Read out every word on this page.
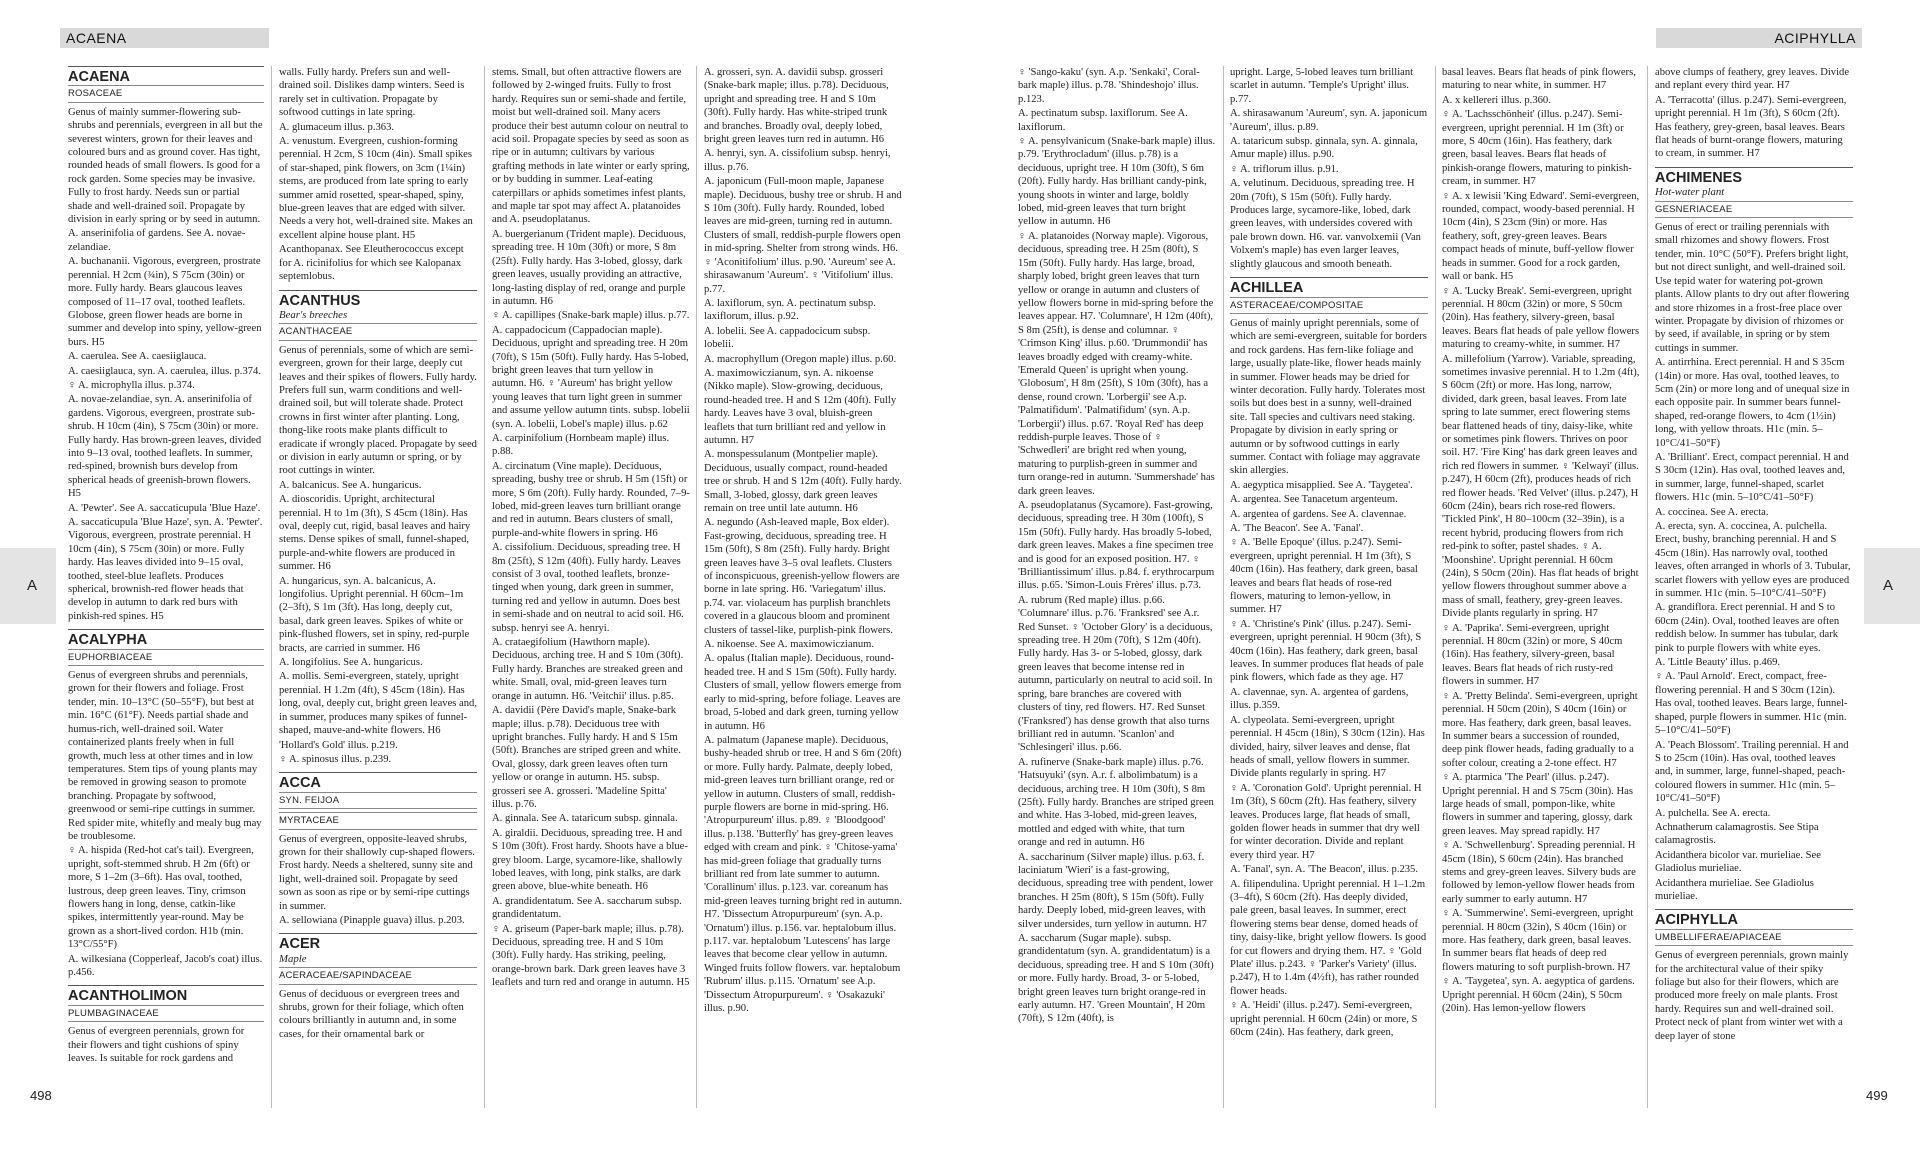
ACAENA	ACIPHYLLA
A	A
498	499
ACAENA
ROSACEAE

Genus of mainly summer-flowering sub-shrubs and perennials, evergreen in all but the severest winters, grown for their leaves and coloured burs and as ground cover. Has tight, rounded heads of small flowers. Is good for a rock garden. Some species may be invasive. Fully to frost hardy. Needs sun or partial shade and well-drained soil. Propagate by division in early spring or by seed in autumn.

A. anserinifolia of gardens. See A. novae-zelandiae.

A. buchananii. Vigorous, evergreen, prostrate perennial. H 2cm (¾in), S 75cm (30in) or more. Fully hardy. Bears glaucous leaves composed of 11–17 oval, toothed leaflets. Globose, green flower heads are borne in summer and develop into spiny, yellow-green burs. H5

A. caerulea. See A. caesiiglauca.

A. caesiiglauca, syn. A. caerulea, illus. p.374.

♀ A. microphylla illus. p.374.

A. novae-zelandiae, syn. A. anserinifolia of gardens. Vigorous, evergreen, prostrate sub-shrub. H 10cm (4in), S 75cm (30in) or more. Fully hardy. Has brown-green leaves, divided into 9–13 oval, toothed leaflets. In summer, red-spined, brownish burs develop from spherical heads of greenish-brown flowers. H5

A. 'Pewter'. See A. saccaticupula 'Blue Haze'.

A. saccaticupula 'Blue Haze', syn. A. 'Pewter'. Vigorous, evergreen, prostrate perennial. H 10cm (4in), S 75cm (30in) or more. Fully hardy. Has leaves divided into 9–15 oval, toothed, steel-blue leaflets. Produces spherical, brownish-red flower heads that develop in autumn to dark red burs with pinkish-red spines. H5

ACALYPHA
EUPHORBIACEAE

Genus of evergreen shrubs and perennials, grown for their flowers and foliage. Frost tender, min. 10–13°C (50–55°F), but best at min. 16°C (61°F). Needs partial shade and humus-rich, well-drained soil. Water containerized plants freely when in full growth, much less at other times and in low temperatures. Stem tips of young plants may be removed in growing season to promote branching. Propagate by softwood, greenwood or semi-ripe cuttings in summer. Red spider mite, whitefly and mealy bug may be troublesome.

♀ A. hispida (Red-hot cat's tail). Evergreen, upright, soft-stemmed shrub. H 2m (6ft) or more, S 1–2m (3–6ft). Has oval, toothed, lustrous, deep green leaves. Tiny, crimson flowers hang in long, dense, catkin-like spikes, intermittently year-round. May be grown as a short-lived cordon. H1b (min. 13°C/55°F)

A. wilkesiana (Copperleaf, Jacob's coat) illus. p.456.

ACANTHOLIMON
PLUMBAGINACEAE

Genus of evergreen perennials, grown for their flowers and tight cushions of spiny leaves. Is suitable for rock gardens and

walls. Fully hardy. Prefers sun and well-drained soil. Dislikes damp winters. Seed is rarely set in cultivation. Propagate by softwood cuttings in late spring.

A. glumaceum illus. p.363.

A. venustum. Evergreen, cushion-forming perennial. H 2cm, S 10cm (4in). Small spikes of star-shaped, pink flowers, on 3cm (1¼in) stems, are produced from late spring to early summer amid rosetted, spear-shaped, spiny, blue-green leaves that are edged with silver. Needs a very hot, well-drained site. Makes an excellent alpine house plant. H5

Acanthopanax. See Eleutherococcus except for A. ricinifolius for which see Kalopanax septemlobus.

ACANTHUS
Bear's breeches
ACANTHACEAE

Genus of perennials, some of which are semi-evergreen, grown for their large, deeply cut leaves and their spikes of flowers. Fully hardy. Prefers full sun, warm conditions and well-drained soil, but will tolerate shade. Protect crowns in first winter after planting. Long, thong-like roots make plants difficult to eradicate if wrongly placed. Propagate by seed or division in early autumn or spring, or by root cuttings in winter.

A. balcanicus. See A. hungaricus.

A. dioscoridis. Upright, architectural perennial. H to 1m (3ft), S 45cm (18in). Has oval, deeply cut, rigid, basal leaves and hairy stems. Dense spikes of small, funnel-shaped, purple-and-white flowers are produced in summer. H6

A. hungaricus, syn. A. balcanicus, A. longifolius. Upright perennial. H 60cm–1m (2–3ft), S 1m (3ft). Has long, deeply cut, basal, dark green leaves. Spikes of white or pink-flushed flowers, set in spiny, red-purple bracts, are carried in summer. H6

A. longifolius. See A. hungaricus.

A. mollis. Semi-evergreen, stately, upright perennial. H 1.2m (4ft), S 45cm (18in). Has long, oval, deeply cut, bright green leaves and, in summer, produces many spikes of funnel-shaped, mauve-and-white flowers. H6

'Hollard's Gold' illus. p.219.

♀ A. spinosus illus. p.239.

ACCA
SYN. FEIJOA
MYRTACEAE

Genus of evergreen, opposite-leaved shrubs, grown for their shallowly cup-shaped flowers. Frost hardy. Needs a sheltered, sunny site and light, well-drained soil. Propagate by seed sown as soon as ripe or by semi-ripe cuttings in summer.

A. sellowiana (Pinapple guava) illus. p.203.

ACER
Maple
ACERACEAE/SAPINDACEAE

Genus of deciduous or evergreen trees and shrubs, grown for their foliage, which often colours brilliantly in autumn and, in some cases, for their ornamental bark or

stems. Small, but often attractive flowers are followed by 2-winged fruits. Fully to frost hardy. Requires sun or semi-shade and fertile, moist but well-drained soil. Many acers produce their best autumn colour on neutral to acid soil. Propagate species by seed as soon as ripe or in autumn; cultivars by various grafting methods in late winter or early spring, or by budding in summer. Leaf-eating caterpillars or aphids sometimes infest plants, and maple tar spot may affect A. platanoides and A. pseudoplatanus.

A. buergerianum (Trident maple). Deciduous, spreading tree. H 10m (30ft) or more, S 8m (25ft). Fully hardy. Has 3-lobed, glossy, dark green leaves, usually providing an attractive, long-lasting display of red, orange and purple in autumn. H6

♀ A. capillipes (Snake-bark maple) illus. p.77.

A. cappadocicum (Cappadocian maple). Deciduous, upright and spreading tree. H 20m (70ft), S 15m (50ft). Fully hardy. Has 5-lobed, bright green leaves that turn yellow in autumn. H6. ♀ 'Aureum' has bright yellow young leaves that turn light green in summer and assume yellow autumn tints. subsp. lobelii (syn. A. lobelii, Lobel's maple) illus. p.62

A. carpinifolium (Hornbeam maple) illus. p.88.

A. circinatum (Vine maple). Deciduous, spreading, bushy tree or shrub. H 5m (15ft) or more, S 6m (20ft). Fully hardy. Rounded, 7–9-lobed, mid-green leaves turn brilliant orange and red in autumn. Bears clusters of small, purple-and-white flowers in spring. H6

A. cissifolium. Deciduous, spreading tree. H 8m (25ft), S 12m (40ft). Fully hardy. Leaves consist of 3 oval, toothed leaflets, bronze-tinged when young, dark green in summer, turning red and yellow in autumn. Does best in semi-shade and on neutral to acid soil. H6. subsp. henryi see A. henryi.

A. crataegifolium (Hawthorn maple). Deciduous, arching tree. H and S 10m (30ft). Fully hardy. Branches are streaked green and white. Small, oval, mid-green leaves turn orange in autumn. H6. 'Veitchii' illus. p.85.

A. davidii (Père David's maple, Snake-bark maple; illus. p.78). Deciduous tree with upright branches. Fully hardy. H and S 15m (50ft). Branches are striped green and white. Oval, glossy, dark green leaves often turn yellow or orange in autumn. H5. subsp. grosseri see A. grosseri. 'Madeline Spitta' illus. p.76.

A. ginnala. See A. tataricum subsp. ginnala.

A. giraldii. Deciduous, spreading tree. H and S 10m (30ft). Frost hardy. Shoots have a blue-grey bloom. Large, sycamore-like, shallowly lobed leaves, with long, pink stalks, are dark green above, blue-white beneath. H6

A. grandidentatum. See A. saccharum subsp. grandidentatum.

♀ A. griseum (Paper-bark maple; illus. p.78). Deciduous, spreading tree. H and S 10m (30ft). Fully hardy. Has striking, peeling, orange-brown bark. Dark green leaves have 3 leaflets and turn red and orange in autumn. H5

A. grosseri, syn. A. davidii subsp. grosseri (Snake-bark maple; illus. p.78). Deciduous, upright and spreading tree. H and S 10m (30ft). Fully hardy. Has white-striped trunk and branches. Broadly oval, deeply lobed, bright green leaves turn red in autumn. H6

A. henryi, syn. A. cissifolium subsp. henryi, illus. p.76.

A. japonicum (Full-moon maple, Japanese maple). Deciduous, bushy tree or shrub. H and S 10m (30ft). Fully hardy. Rounded, lobed leaves are mid-green, turning red in autumn. Clusters of small, reddish-purple flowers open in mid-spring. Shelter from strong winds. H6. ♀ 'Aconitifolium' illus. p.90. 'Aureum' see A. shirasawanum 'Aureum'. ♀ 'Vitifolium' illus. p.77.

A. laxiflorum, syn. A. pectinatum subsp. laxiflorum, illus. p.92.

A. lobelii. See A. cappadocicum subsp. lobelii.

A. macrophyllum (Oregon maple) illus. p.60.

A. maximowiczianum, syn. A. nikoense (Nikko maple). Slow-growing, deciduous, round-headed tree. H and S 12m (40ft). Fully hardy. Leaves have 3 oval, bluish-green leaflets that turn brilliant red and yellow in autumn. H7

A. monspessulanum (Montpelier maple). Deciduous, usually compact, round-headed tree or shrub. H and S 12m (40ft). Fully hardy. Small, 3-lobed, glossy, dark green leaves remain on tree until late autumn. H6

A. negundo (Ash-leaved maple, Box elder). Fast-growing, deciduous, spreading tree. H 15m (50ft), S 8m (25ft). Fully hardy. Bright green leaves have 3–5 oval leaflets. Clusters of inconspicuous, greenish-yellow flowers are borne in late spring. H6. 'Variegatum' illus. p.74. var. violaceum has purplish branchlets covered in a glaucous bloom and prominent clusters of tassel-like, purplish-pink flowers.

A. nikoense. See A. maximowiczianum.

A. opalus (Italian maple). Deciduous, round-headed tree. H and S 15m (50ft). Fully hardy. Clusters of small, yellow flowers emerge from early to mid-spring, before foliage. Leaves are broad, 5-lobed and dark green, turning yellow in autumn. H6

A. palmatum (Japanese maple). Deciduous, bushy-headed shrub or tree. H and S 6m (20ft) or more. Fully hardy. Palmate, deeply lobed, mid-green leaves turn brilliant orange, red or yellow in autumn. Clusters of small, reddish-purple flowers are borne in mid-spring. H6. 'Atropurpureum' illus. p.89. ♀ 'Bloodgood' illus. p.138. 'Butterfly' has grey-green leaves edged with cream and pink. ♀ 'Chitose-yama' has mid-green foliage that gradually turns brilliant red from late summer to autumn. 'Corallinum' illus. p.123. var. coreanum has mid-green leaves turning bright red in autumn. H7. 'Dissectum Atropurpureum' (syn. A.p. 'Ornatum') illus. p.156. var. heptalobum illus. p.117. var. heptalobum 'Lutescens' has large leaves that become clear yellow in autumn. Winged fruits follow flowers. var. heptalobum 'Rubrum' illus. p.115. 'Ornatum' see A.p. 'Dissectum Atropurpureum'. ♀ 'Osakazuki' illus. p.90.

♀ 'Sango-kaku' (syn. A.p. 'Senkaki', Coral-bark maple) illus. p.78. 'Shindeshojo' illus. p.123.

A. pectinatum subsp. laxiflorum. See A. laxiflorum.

♀ A. pensylvanicum (Snake-bark maple) illus. p.79. 'Erythrocladum' (illus. p.78) is a deciduous, upright tree. H 10m (30ft), S 6m (20ft). Fully hardy. Has brilliant candy-pink, young shoots in winter and large, boldly lobed, mid-green leaves that turn bright yellow in autumn. H6

♀ A. platanoides (Norway maple). Vigorous, deciduous, spreading tree. H 25m (80ft), S 15m (50ft). Fully hardy. Has large, broad, sharply lobed, bright green leaves that turn yellow or orange in autumn and clusters of yellow flowers borne in mid-spring before the leaves appear. H7. 'Columnare', H 12m (40ft), S 8m (25ft), is dense and columnar. ♀ 'Crimson King' illus. p.60. 'Drummondii' has leaves broadly edged with creamy-white. 'Emerald Queen' is upright when young. 'Globosum', H 8m (25ft), S 10m (30ft), has a dense, round crown. 'Lorbergii' see A.p. 'Palmatifidum'. 'Palmatifidum' (syn. A.p. 'Lorbergii') illus. p.67. 'Royal Red' has deep reddish-purple leaves. Those of ♀ 'Schwedleri' are bright red when young, maturing to purplish-green in summer and turn orange-red in autumn. 'Summershade' has dark green leaves.

A. pseudoplatanus (Sycamore). Fast-growing, deciduous, spreading tree. H 30m (100ft), S 15m (50ft). Fully hardy. Has broadly 5-lobed, dark green leaves. Makes a fine specimen tree and is good for an exposed position. H7. ♀ 'Brilliantissimum' illus. p.84. f. erythrocarpum illus. p.65. 'Simon-Louis Frères' illus. p.73.

A. rubrum (Red maple) illus. p.66. 'Columnare' illus. p.76. 'Franksred' see A.r. Red Sunset. ♀ 'October Glory' is a deciduous, spreading tree. H 20m (70ft), S 12m (40ft). Fully hardy. Has 3- or 5-lobed, glossy, dark green leaves that become intense red in autumn, particularly on neutral to acid soil. In spring, bare branches are covered with clusters of tiny, red flowers. H7. Red Sunset ('Franksred') has dense growth that also turns brilliant red in autumn. 'Scanlon' and 'Schlesingeri' illus. p.66.

A. rufinerve (Snake-bark maple) illus. p.76. 'Hatsuyuki' (syn. A.r. f. albolimbatum) is a deciduous, arching tree. H 10m (30ft), S 8m (25ft). Fully hardy. Branches are striped green and white. Has 3-lobed, mid-green leaves, mottled and edged with white, that turn orange and red in autumn. H6

A. saccharinum (Silver maple) illus. p.63. f. laciniatum 'Wieri' is a fast-growing, deciduous, spreading tree with pendent, lower branches. H 25m (80ft), S 15m (50ft). Fully hardy. Deeply lobed, mid-green leaves, with silver undersides, turn yellow in autumn. H7

A. saccharum (Sugar maple). subsp. grandidentatum (syn. A. grandidentatum) is a deciduous, spreading tree. H and S 10m (30ft) or more. Fully hardy. Broad, 3- or 5-lobed, bright green leaves turn bright orange-red in early autumn. H7. 'Green Mountain', H 20m (70ft), S 12m (40ft), is

upright. Large, 5-lobed leaves turn brilliant scarlet in autumn. 'Temple's Upright' illus. p.77.

A. shirasawanum 'Aureum', syn. A. japonicum 'Aureum', illus. p.89.

A. tataricum subsp. ginnala, syn. A. ginnala, Amur maple) illus. p.90.

♀ A. triflorum illus. p.91.

A. velutinum. Deciduous, spreading tree. H 20m (70ft), S 15m (50ft). Fully hardy. Produces large, sycamore-like, lobed, dark green leaves, with undersides covered with pale brown down. H6. var. vanvolxemii (Van Volxem's maple) has even larger leaves, slightly glaucous and smooth beneath.

ACHILLEA
ASTERACEAE/COMPOSITAE

Genus of mainly upright perennials, some of which are semi-evergreen, suitable for borders and rock gardens. Has fern-like foliage and large, usually plate-like, flower heads mainly in summer. Flower heads may be dried for winter decoration. Fully hardy. Tolerates most soils but does best in a sunny, well-drained site. Tall species and cultivars need staking. Propagate by division in early spring or autumn or by softwood cuttings in early summer. Contact with foliage may aggravate skin allergies.

A. aegyptica misapplied. See A. 'Taygetea'.

A. argentea. See Tanacetum argenteum.

A. argentea of gardens. See A. clavennae.

A. 'The Beacon'. See A. 'Fanal'.

♀ A. 'Belle Epoque' (illus. p.247). Semi-evergreen, upright perennial. H 1m (3ft), S 40cm (16in). Has feathery, dark green, basal leaves and bears flat heads of rose-red flowers, maturing to lemon-yellow, in summer. H7

♀ A. 'Christine's Pink' (illus. p.247). Semi-evergreen, upright perennial. H 90cm (3ft), S 40cm (16in). Has feathery, dark green, basal leaves. In summer produces flat heads of pale pink flowers, which fade as they age. H7

A. clavennae, syn. A. argentea of gardens, illus. p.359.

A. clypeolata. Semi-evergreen, upright perennial. H 45cm (18in), S 30cm (12in). Has divided, hairy, silver leaves and dense, flat heads of small, yellow flowers in summer. Divide plants regularly in spring. H7

♀ A. 'Coronation Gold'. Upright perennial. H 1m (3ft), S 60cm (2ft). Has feathery, silvery leaves. Produces large, flat heads of small, golden flower heads in summer that dry well for winter decoration. Divide and replant every third year. H7

A. 'Fanal', syn. A. 'The Beacon', illus. p.235.

A. filipendulina. Upright perennial. H 1–1.2m (3–4ft), S 60cm (2ft). Has deeply divided, pale green, basal leaves. In summer, erect flowering stems bear dense, domed heads of tiny, daisy-like, bright yellow flowers. Is good for cut flowers and drying them. H7. ♀ 'Gold Plate' illus. p.243. ♀ 'Parker's Variety' (illus. p.247), H to 1.4m (4½ft), has rather rounded flower heads.

♀ A. 'Heidi' (illus. p.247). Semi-evergreen, upright perennial. H 60cm (24in) or more, S 60cm (24in). Has feathery, dark green,

basal leaves. Bears flat heads of pink flowers, maturing to near white, in summer. H7

A. x kellereri illus. p.360.

♀ A. 'Lachsschönheit' (illus. p.247). Semi-evergreen, upright perennial. H 1m (3ft) or more, S 40cm (16in). Has feathery, dark green, basal leaves. Bears flat heads of pinkish-orange flowers, maturing to pinkish-cream, in summer. H7

♀ A. x lewisii 'King Edward'. Semi-evergreen, rounded, compact, woody-based perennial. H 10cm (4in), S 23cm (9in) or more. Has feathery, soft, grey-green leaves. Bears compact heads of minute, buff-yellow flower heads in summer. Good for a rock garden, wall or bank. H5

♀ A. 'Lucky Break'. Semi-evergreen, upright perennial. H 80cm (32in) or more, S 50cm (20in). Has feathery, silvery-green, basal leaves. Bears flat heads of pale yellow flowers maturing to creamy-white, in summer. H7

A. millefolium (Yarrow). Variable, spreading, sometimes invasive perennial. H to 1.2m (4ft), S 60cm (2ft) or more. Has long, narrow, divided, dark green, basal leaves. From late spring to late summer, erect flowering stems bear flattened heads of tiny, daisy-like, white or sometimes pink flowers. Thrives on poor soil. H7. 'Fire King' has dark green leaves and rich red flowers in summer. ♀ 'Kelwayi' (illus. p.247), H 60cm (2ft), produces heads of rich red flower heads. 'Red Velvet' (illus. p.247), H 60cm (24in), bears rich rose-red flowers. 'Tickled Pink', H 80–100cm (32–39in), is a recent hybrid, producing flowers from rich red-pink to softer, pastel shades. ♀ A. 'Moonshine'. Upright perennial. H 60cm (24in), S 50cm (20in). Has flat heads of bright yellow flowers throughout summer above a mass of small, feathery, grey-green leaves. Divide plants regularly in spring. H7

♀ A. 'Paprika'. Semi-evergreen, upright perennial. H 80cm (32in) or more, S 40cm (16in). Has feathery, silvery-green, basal leaves. Bears flat heads of rich rusty-red flowers in summer. H7

♀ A. 'Pretty Belinda'. Semi-evergreen, upright perennial. H 50cm (20in), S 40cm (16in) or more. Has feathery, dark green, basal leaves. In summer bears a succession of rounded, deep pink flower heads, fading gradually to a softer colour, creating a 2-tone effect. H7

♀ A. ptarmica 'The Pearl' (illus. p.247). Upright perennial. H and S 75cm (30in). Has large heads of small, pompon-like, white flowers in summer and tapering, glossy, dark green leaves. May spread rapidly. H7

♀ A. 'Schwellenburg'. Spreading perennial. H 45cm (18in), S 60cm (24in). Has branched stems and grey-green leaves. Silvery buds are followed by lemon-yellow flower heads from early summer to early autumn. H7

♀ A. 'Summerwine'. Semi-evergreen, upright perennial. H 80cm (32in), S 40cm (16in) or more. Has feathery, dark green, basal leaves. In summer bears flat heads of deep red flowers maturing to soft purplish-brown. H7

♀ A. 'Taygetea', syn. A. aegyptica of gardens. Upright perennial. H 60cm (24in), S 50cm (20in). Has lemon-yellow flowers

above clumps of feathery, grey leaves. Divide and replant every third year. H7

A. 'Terracotta' (illus. p.247). Semi-evergreen, upright perennial. H 1m (3ft), S 60cm (2ft). Has feathery, grey-green, basal leaves. Bears flat heads of burnt-orange flowers, maturing to cream, in summer. H7

ACHIMENES
Hot-water plant
GESNERIACEAE

Genus of erect or trailing perennials with small rhizomes and showy flowers. Frost tender, min. 10°C (50°F). Prefers bright light, but not direct sunlight, and well-drained soil. Use tepid water for watering pot-grown plants. Allow plants to dry out after flowering and store rhizomes in a frost-free place over winter. Propagate by division of rhizomes or by seed, if available, in spring or by stem cuttings in summer.

A. antirrhina. Erect perennial. H and S 35cm (14in) or more. Has oval, toothed leaves, to 5cm (2in) or more long and of unequal size in each opposite pair. In summer bears funnel-shaped, red-orange flowers, to 4cm (1½in) long, with yellow throats. H1c (min. 5–10°C/41–50°F)

A. 'Brilliant'. Erect, compact perennial. H and S 30cm (12in). Has oval, toothed leaves and, in summer, large, funnel-shaped, scarlet flowers. H1c (min. 5–10°C/41–50°F)

A. coccinea. See A. erecta.

A. erecta, syn. A. coccinea, A. pulchella. Erect, bushy, branching perennial. H and S 45cm (18in). Has narrowly oval, toothed leaves, often arranged in whorls of 3. Tubular, scarlet flowers with yellow eyes are produced in summer. H1c (min. 5–10°C/41–50°F)

A. grandiflora. Erect perennial. H and S to 60cm (24in). Oval, toothed leaves are often reddish below. In summer has tubular, dark pink to purple flowers with white eyes.

A. 'Little Beauty' illus. p.469.

♀ A. 'Paul Arnold'. Erect, compact, free-flowering perennial. H and S 30cm (12in). Has oval, toothed leaves. Bears large, funnel-shaped, purple flowers in summer. H1c (min. 5–10°C/41–50°F)

A. 'Peach Blossom'. Trailing perennial. H and S to 25cm (10in). Has oval, toothed leaves and, in summer, large, funnel-shaped, peach-coloured flowers in summer. H1c (min. 5–10°C/41–50°F)

A. pulchella. See A. erecta.

Achnatherum calamagrostis. See Stipa calamagrostis.

Acidanthera bicolor var. murieliae. See Gladiolus murieliae.

Acidanthera murieliae. See Gladiolus murieliae.

ACIPHYLLA
UMBELLIFERAE/APIACEAE

Genus of evergreen perennials, grown mainly for the architectural value of their spiky foliage but also for their flowers, which are produced more freely on male plants. Frost hardy. Requires sun and well-drained soil. Protect neck of plant from winter wet with a deep layer of stone
